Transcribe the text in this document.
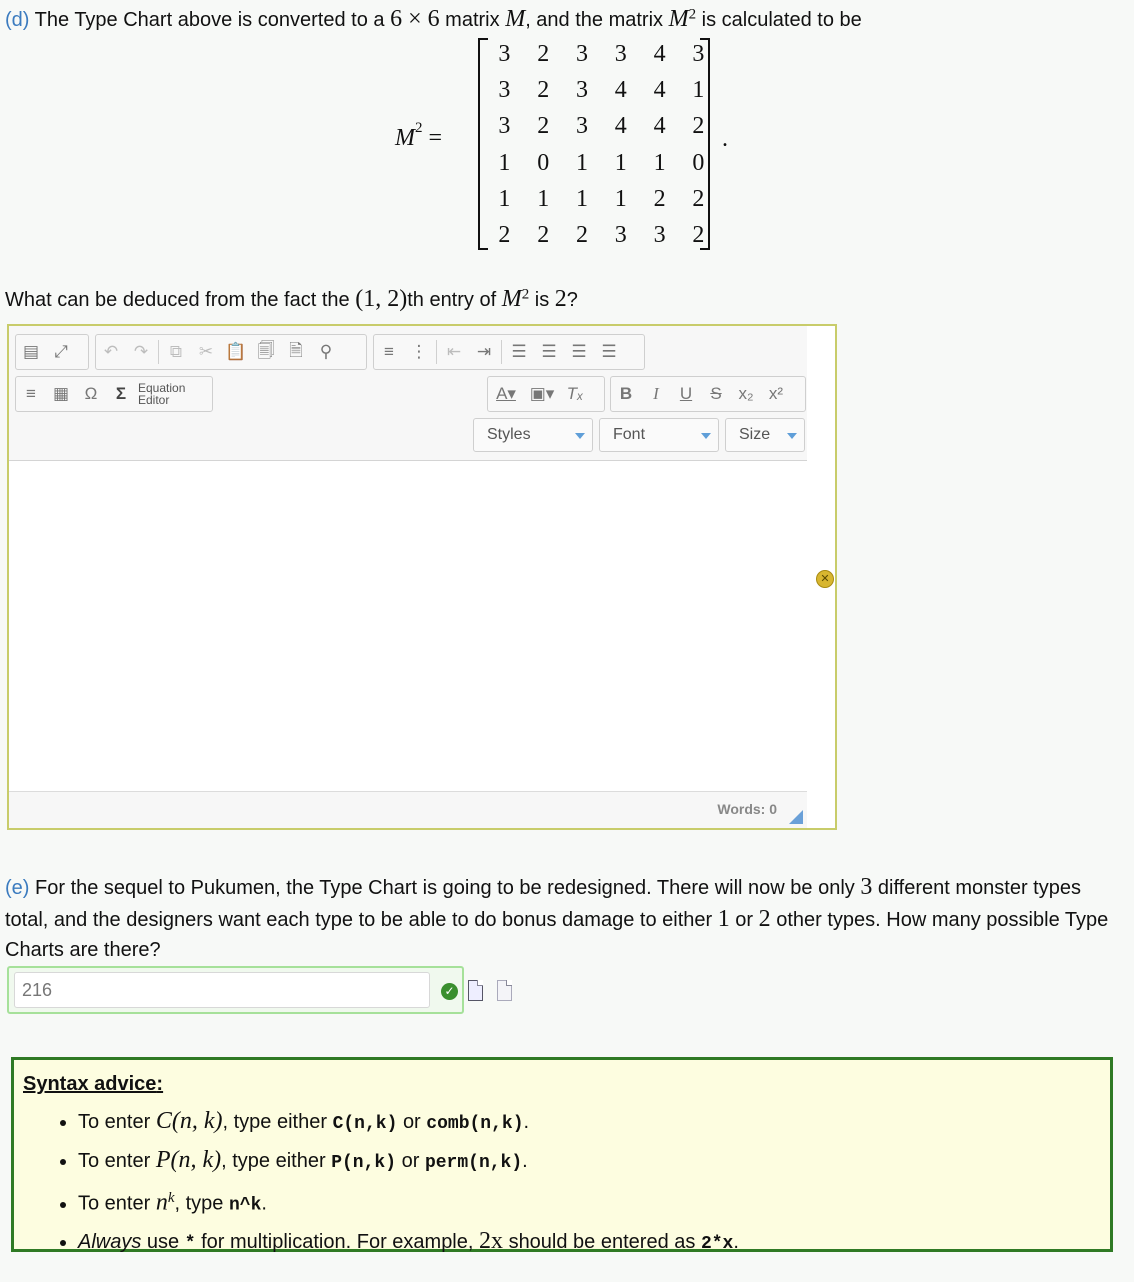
(d) The Type Chart above is converted to a 6 × 6 matrix M, and the matrix $M^2$ is calculated to be
$M^2$ =
3	2	3	3	4	3
3	2	3	4	4	1
3	2	3	4	4	2
1	0	1	1	1	0
1	1	1	1	2	2
2	2	2	3	3	2
.
What can be deduced from the fact the (1, 2)th entry of $M^2$ is 2?
▤ ⤢	↶ ↷	⧉ ✂ 📋 🗐 🗎 ⚲	≡ ⋮	⇤ ⇥	☰ ☰ ☰ ☰
≡	▦ Ω	Σ Equation
Editor	A▾ ▣▾ Tₓ	B	I	U	S x₂ x²
Styles	Font	Size
Words: 0
✕
(e) For the sequel to Pukumen, the Type Chart is going to be redesigned. There will now be only 3 different monster types total, and the designers want each type to be able to do bonus damage to either 1 or 2 other types. How many possible Type Charts are there?
216
✓
Syntax advice:
• To enter C(n, k), type either C(n,k) or comb(n,k).
• To enter P(n, k), type either P(n,k) or perm(n,k).
• To enter $n^k$, type n^k.
• Always use * for multiplication. For example, 2x should be entered as 2*x.
